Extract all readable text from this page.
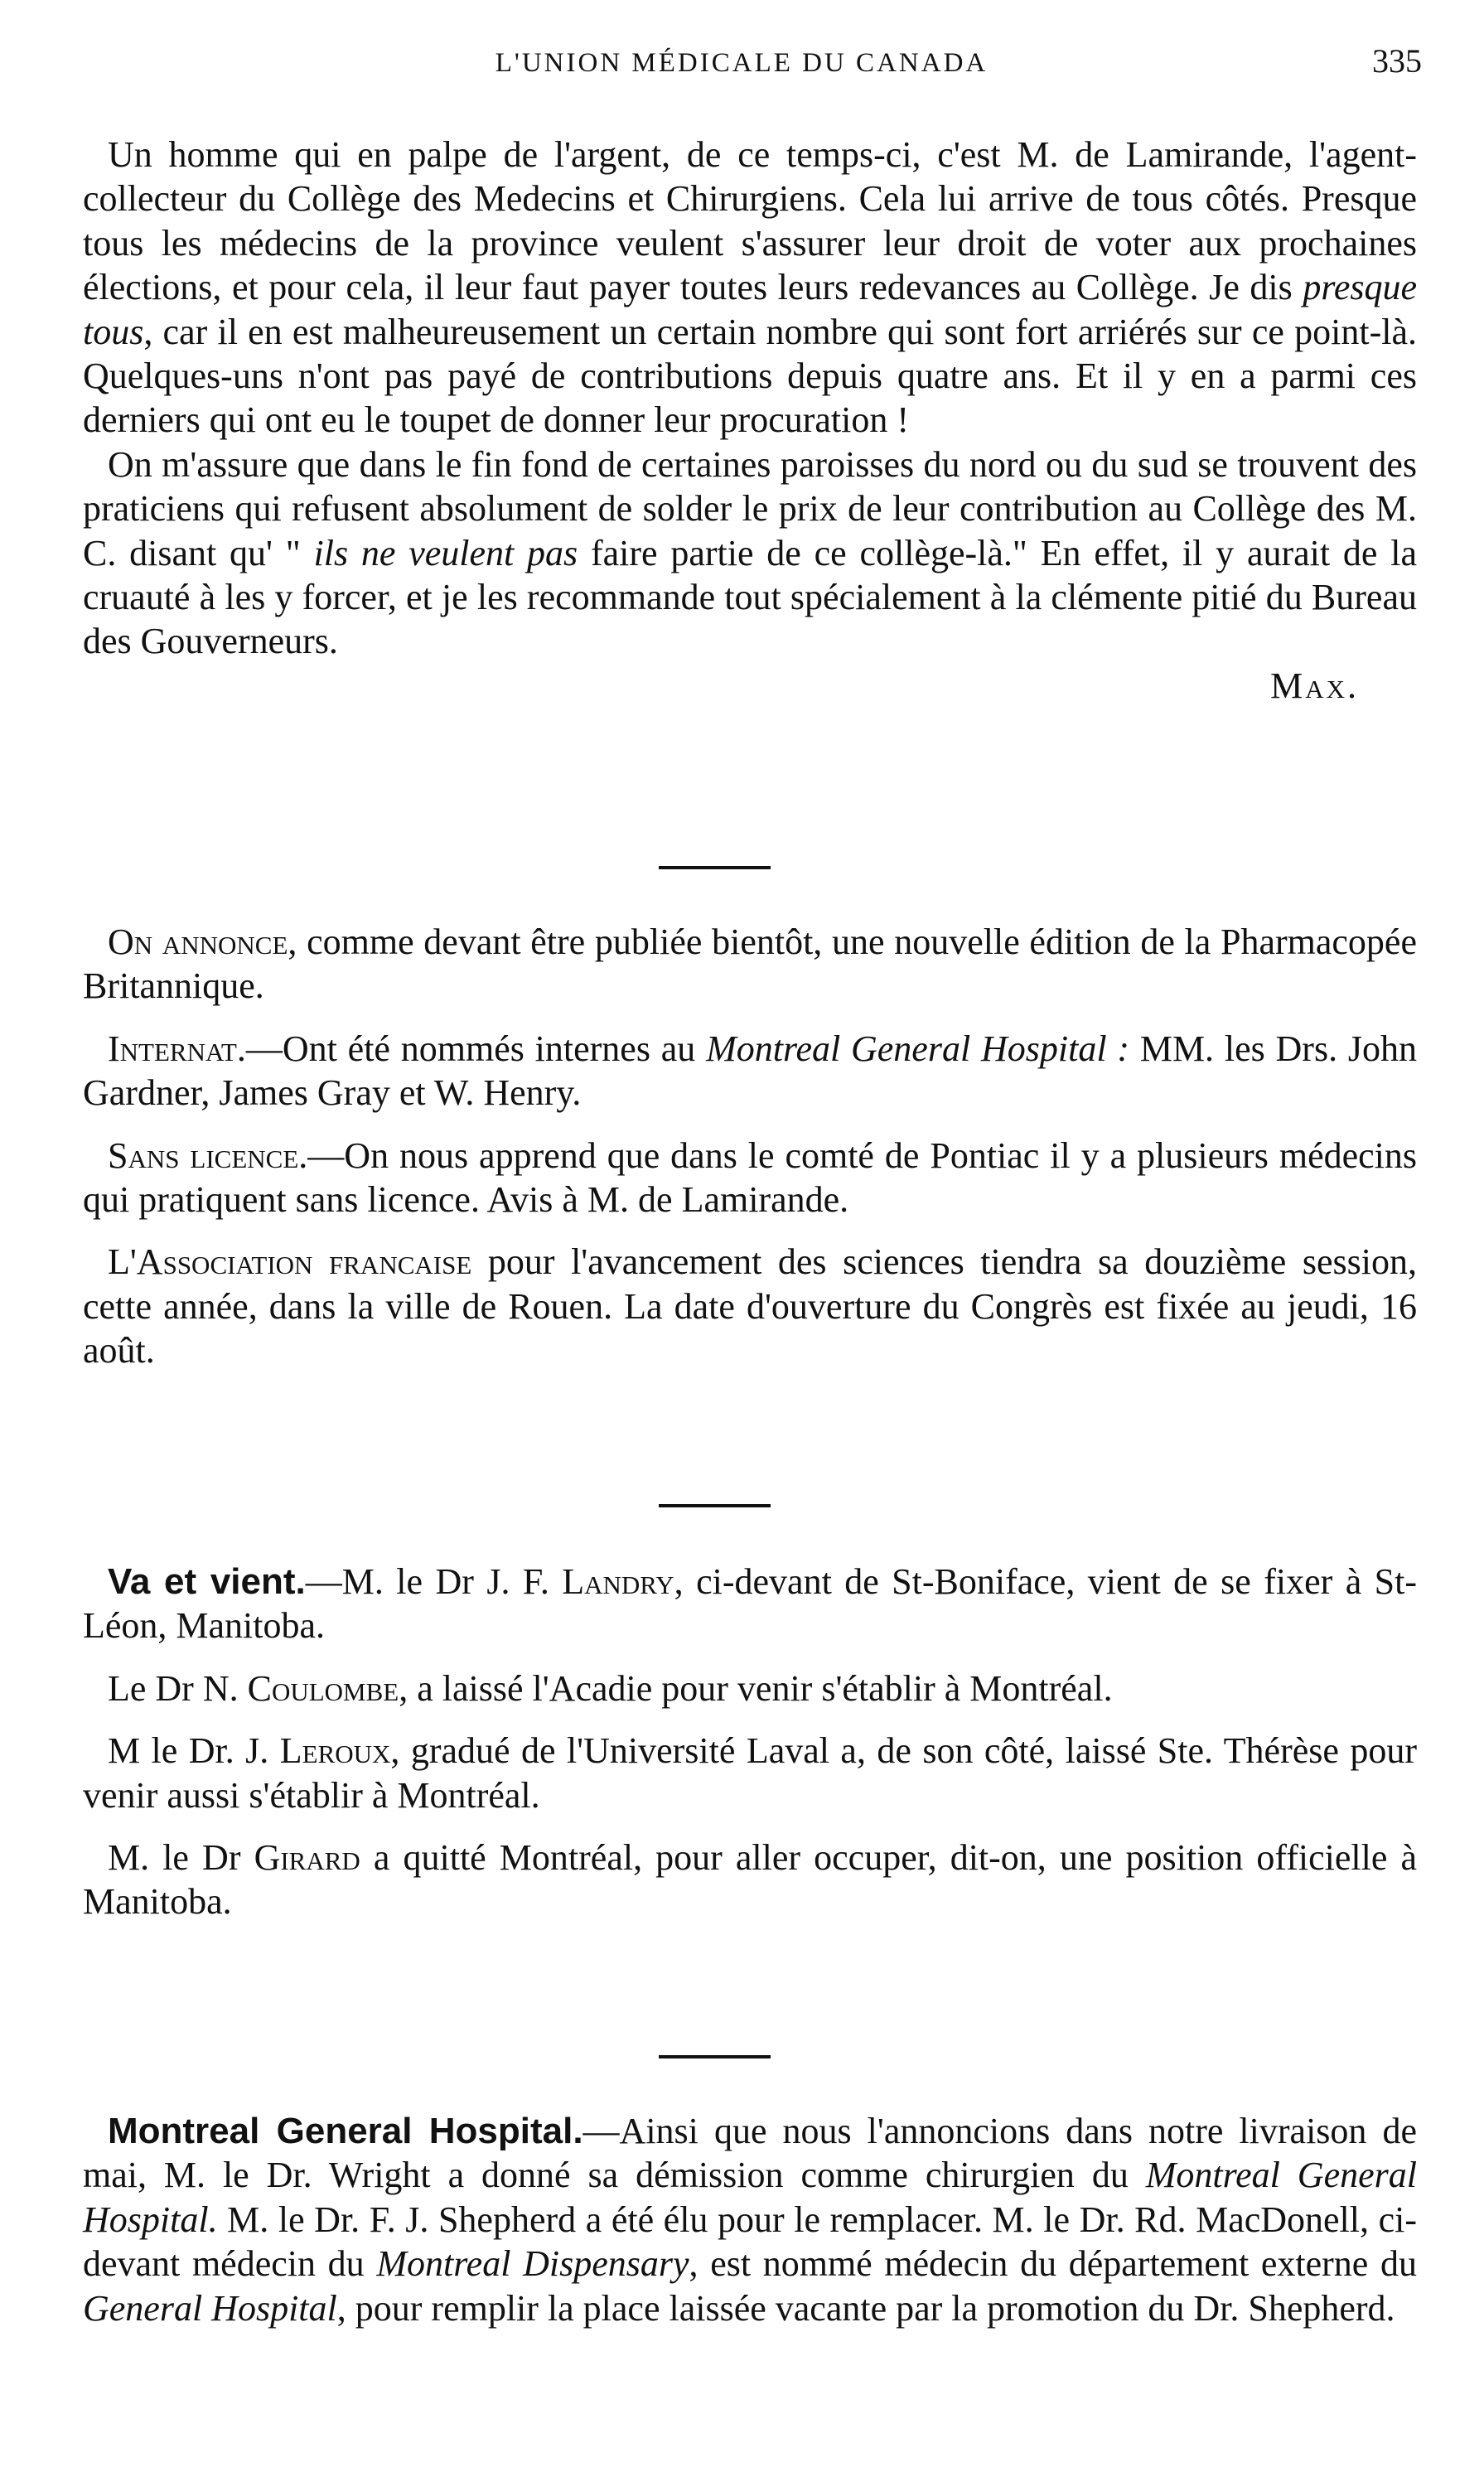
L'UNION MÉDICALE DU CANADA	335

Un homme qui en palpe de l'argent, de ce temps-ci, c'est M. de Lamirande, l'agent-collecteur du Collège des Medecins et Chirurgiens. Cela lui arrive de tous côtés. Presque tous les médecins de la province veulent s'assurer leur droit de voter aux prochaines élections, et pour cela, il leur faut payer toutes leurs redevances au Collège. Je dis presque tous, car il en est malheureusement un certain nombre qui sont fort arriérés sur ce point-là. Quelques-uns n'ont pas payé de contributions depuis quatre ans. Et il y en a parmi ces derniers qui ont eu le toupet de donner leur procuration !

On m'assure que dans le fin fond de certaines paroisses du nord ou du sud se trouvent des praticiens qui refusent absolument de solder le prix de leur contribution au Collège des M. C. disant qu' " ils ne veulent pas faire partie de ce collège-là." En effet, il y aurait de la cruauté à les y forcer, et je les recommande tout spécialement à la clémente pitié du Bureau des Gouverneurs.

Max.

On annonce, comme devant être publiée bientôt, une nouvelle édition de la Pharmacopée Britannique.

Internat.—Ont été nommés internes au Montreal General Hospital : MM. les Drs. John Gardner, James Gray et W. Henry.

Sans licence.—On nous apprend que dans le comté de Pontiac il y a plusieurs médecins qui pratiquent sans licence. Avis à M. de Lamirande.

L'Association francaise pour l'avancement des sciences tiendra sa douzième session, cette année, dans la ville de Rouen. La date d'ouverture du Congrès est fixée au jeudi, 16 août.

Va et vient.—M. le Dr J. F. Landry, ci-devant de St-Boniface, vient de se fixer à St-Léon, Manitoba.

Le Dr N. Coulombe, a laissé l'Acadie pour venir s'établir à Montréal.

M le Dr. J. Leroux, gradué de l'Université Laval a, de son côté, laissé Ste. Thérèse pour venir aussi s'établir à Montréal.

M. le Dr Girard a quitté Montréal, pour aller occuper, dit-on, une position officielle à Manitoba.

Montreal General Hospital.—Ainsi que nous l'annoncions dans notre livraison de mai, M. le Dr. Wright a donné sa démission comme chirurgien du Montreal General Hospital. M. le Dr. F. J. Shepherd a été élu pour le remplacer. M. le Dr. Rd. MacDonell, ci-devant médecin du Montreal Dispensary, est nommé médecin du département externe du General Hospital, pour remplir la place laissée vacante par la promotion du Dr. Shepherd.
